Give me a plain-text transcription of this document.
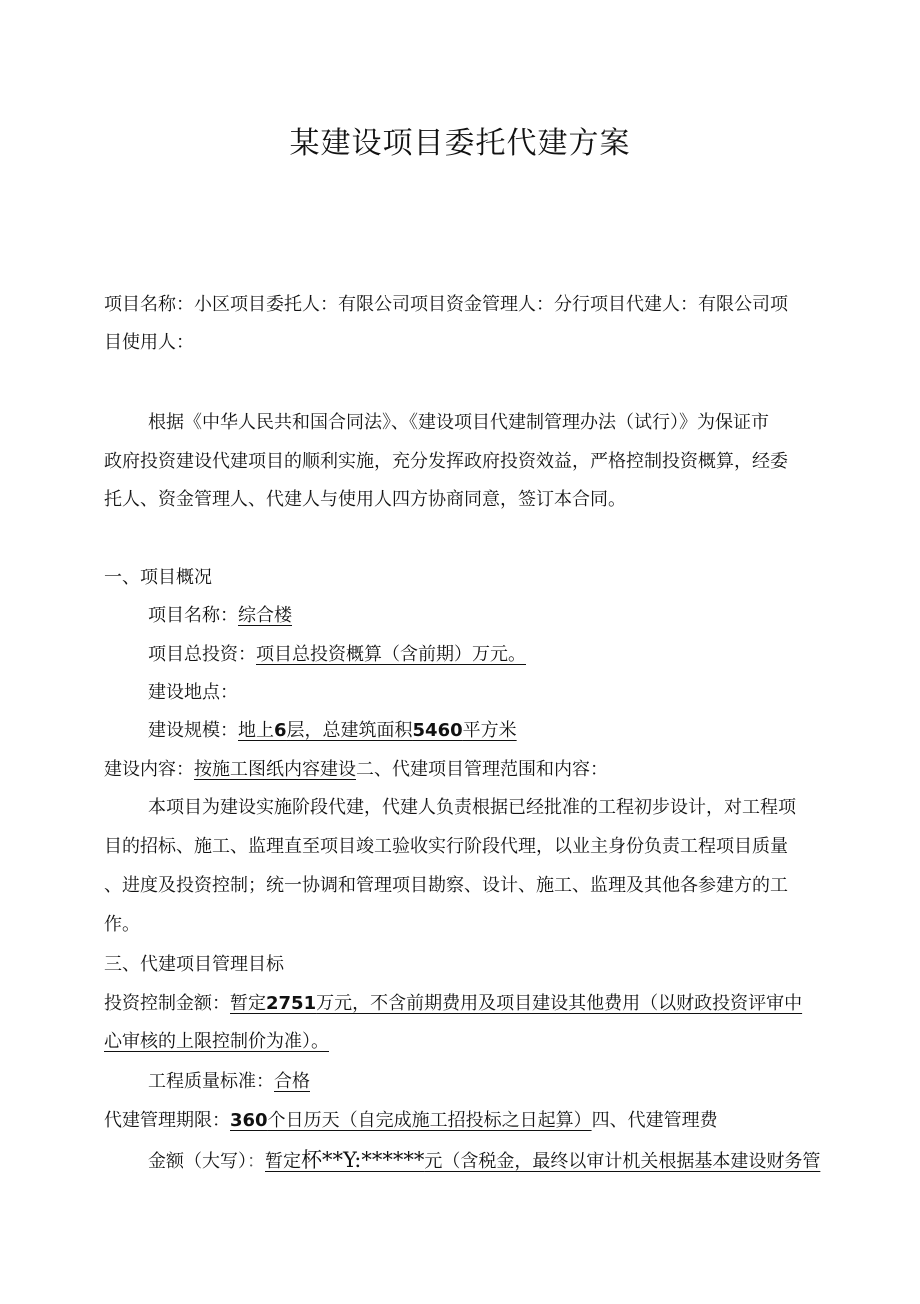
某建设项目委托代建方案

项目名称：小区项目委托人：有限公司项目资金管理人：分行项目代建人：有限公司项

目使用人：

根据《中华人民共和国合同法》、《建设项目代建制管理办法（试行）》为保证市

政府投资建设代建项目的顺利实施，充分发挥政府投资效益，严格控制投资概算，经委

托人、资金管理人、代建人与使用人四方协商同意，签订本合同。

一、项目概况

项目名称：综合楼

项目总投资：项目总投资概算（含前期）万元。

建设地点：

建设规模：地上6层，总建筑面积5460平方米

建设内容：按施工图纸内容建设二、代建项目管理范围和内容：

本项目为建设实施阶段代建，代建人负责根据已经批准的工程初步设计，对工程项

目的招标、施工、监理直至项目竣工验收实行阶段代理，以业主身份负责工程项目质量

、进度及投资控制；统一协调和管理项目勘察、设计、施工、监理及其他各参建方的工

作。

三、代建项目管理目标

投资控制金额：暂定2751万元，不含前期费用及项目建设其他费用（以财政投资评审中

心审核的上限控制价为准）。

工程质量标准：合格

代建管理期限：360个日历天（自完成施工招投标之日起算）四、代建管理费

金额（大写）：暂定杯**Y:******元（含税金，最终以审计机关根据基本建设财务管
